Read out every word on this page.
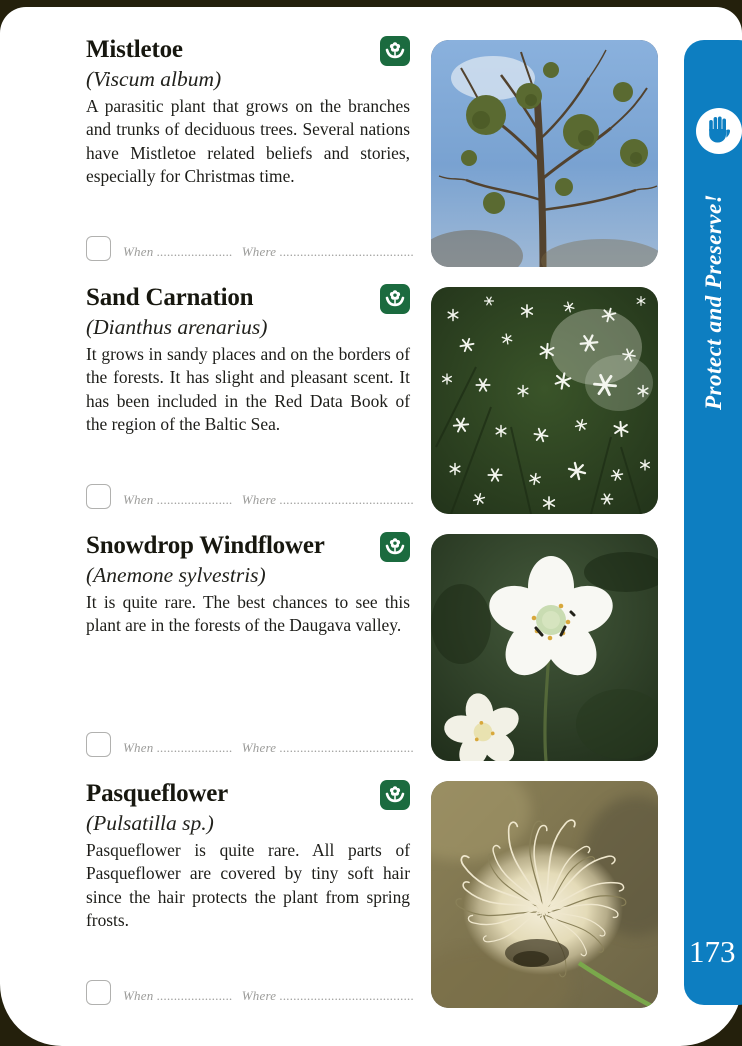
Mistletoe
(Viscum album)

A parasitic plant that grows on the branches and trunks of deciduous trees. Several nations have Mistletoe related beliefs and stories, especially for Christmas time.

When ...................... Where .......................................
Sand Carnation
(Dianthus arenarius)

It grows in sandy places and on the borders of the forests. It has slight and pleasant scent. It has been included in the Red Data Book of the region of the Baltic Sea.

When ...................... Where .......................................
Snowdrop Windflower
(Anemone sylvestris)

It is quite rare. The best chances to see this plant are in the forests of the Daugava valley.

When ...................... Where .......................................
Pasqueflower
(Pulsatilla sp.)

Pasqueflower is quite rare. All parts of Pasqueflower are covered by tiny soft hair since the hair protects the plant from spring frosts.

When ...................... Where .......................................
Protect and Preserve!
173
